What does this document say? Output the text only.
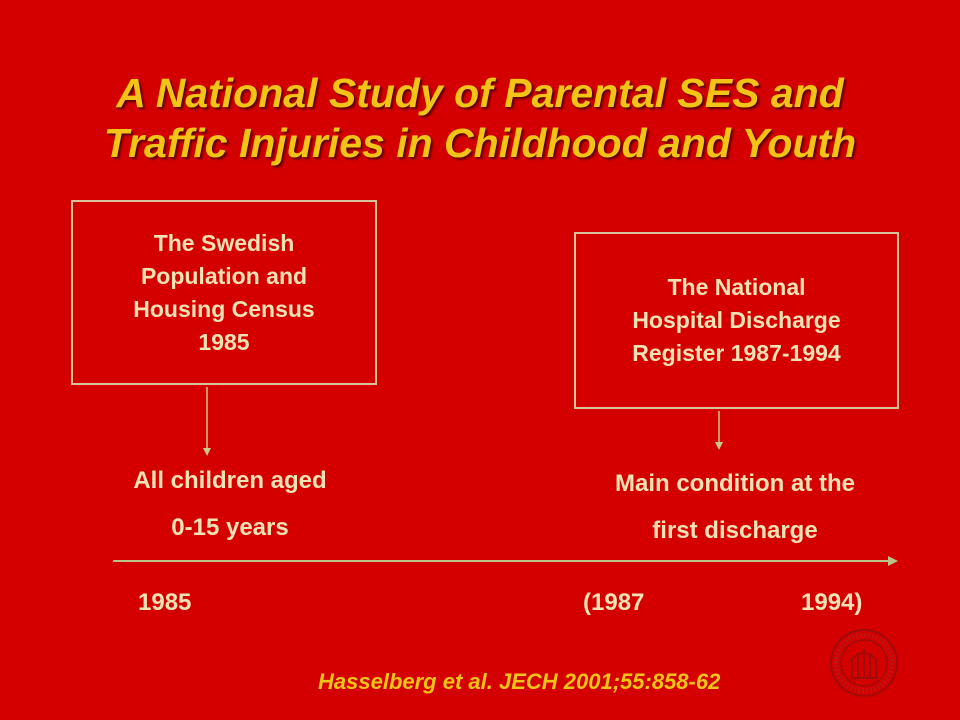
A National Study of Parental SES and
Traffic Injuries in Childhood and Youth
The Swedish
Population and
Housing Census
1985
The National
Hospital Discharge
Register 1987-1994
All children aged
0-15 years
Main condition at the
first discharge
1985	(1987	1994)
Hasselberg et al. JECH 2001;55:858-62
